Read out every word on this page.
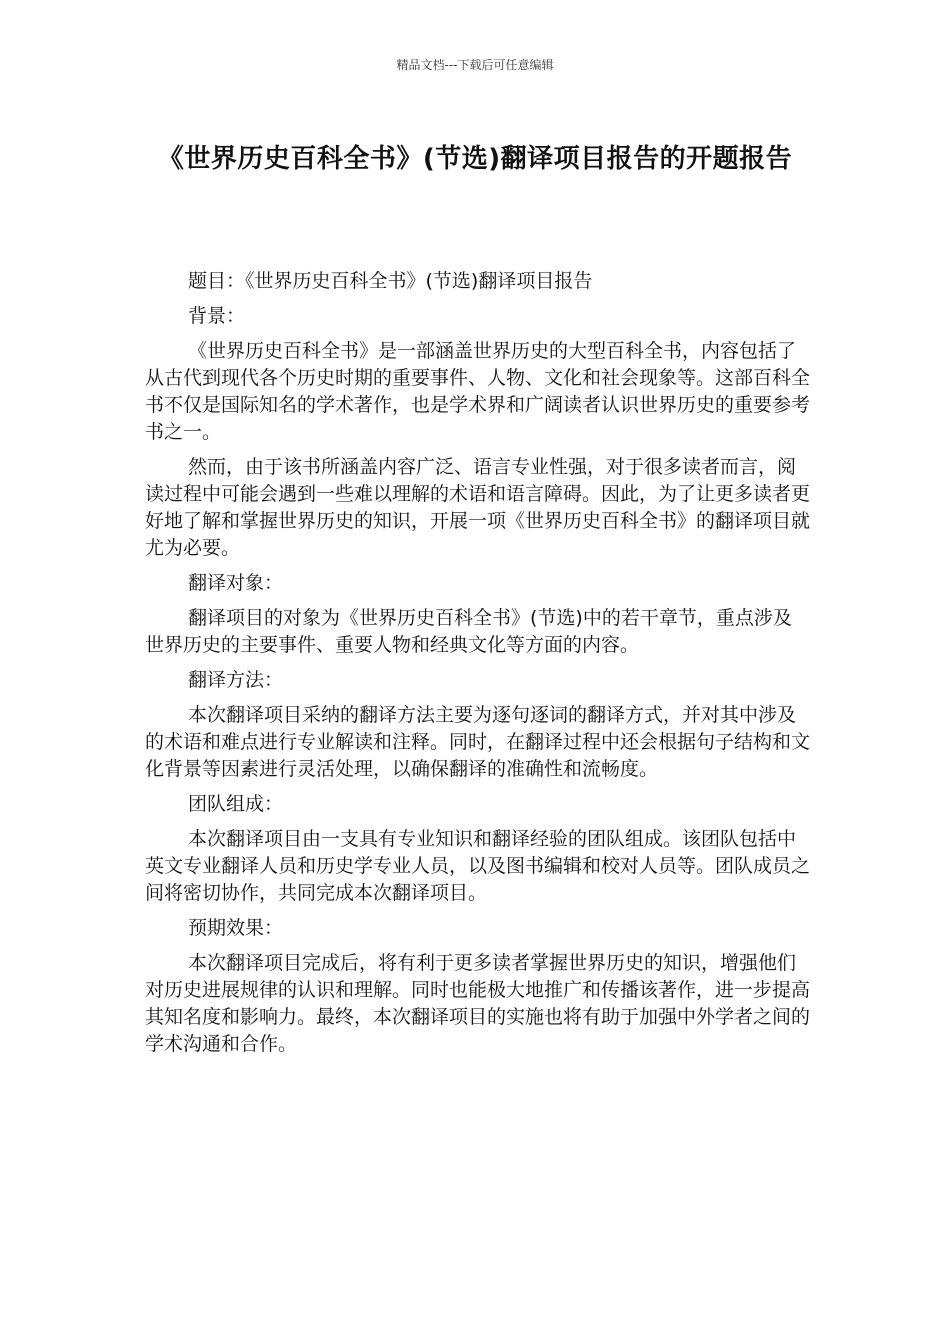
精品文档---下载后可任意编辑
《世界历史百科全书》(节选)翻译项目报告的开题报告

题目：《世界历史百科全书》(节选)翻译项目报告

背景：

《世界历史百科全书》是一部涵盖世界历史的大型百科全书，内容包括了从古代到现代各个历史时期的重要事件、人物、文化和社会现象等。这部百科全书不仅是国际知名的学术著作，也是学术界和广阔读者认识世界历史的重要参考书之一。

然而，由于该书所涵盖内容广泛、语言专业性强，对于很多读者而言，阅读过程中可能会遇到一些难以理解的术语和语言障碍。因此，为了让更多读者更好地了解和掌握世界历史的知识，开展一项《世界历史百科全书》的翻译项目就尤为必要。

翻译对象：

翻译项目的对象为《世界历史百科全书》(节选)中的若干章节，重点涉及世界历史的主要事件、重要人物和经典文化等方面的内容。

翻译方法：

本次翻译项目采纳的翻译方法主要为逐句逐词的翻译方式，并对其中涉及的术语和难点进行专业解读和注释。同时，在翻译过程中还会根据句子结构和文化背景等因素进行灵活处理，以确保翻译的准确性和流畅度。

团队组成：

本次翻译项目由一支具有专业知识和翻译经验的团队组成。该团队包括中英文专业翻译人员和历史学专业人员，以及图书编辑和校对人员等。团队成员之间将密切协作，共同完成本次翻译项目。

预期效果：

本次翻译项目完成后，将有利于更多读者掌握世界历史的知识，增强他们对历史进展规律的认识和理解。同时也能极大地推广和传播该著作，进一步提高其知名度和影响力。最终，本次翻译项目的实施也将有助于加强中外学者之间的学术沟通和合作。
